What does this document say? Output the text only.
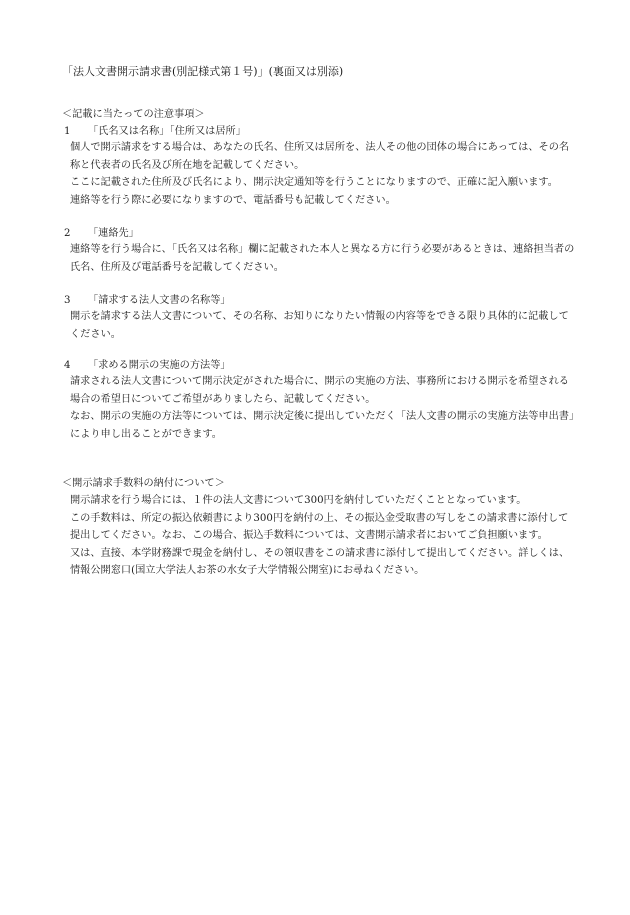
「法人文書開示請求書(別記様式第１号)」(裏面又は別添)
＜記載に当たっての注意事項＞
1 「氏名又は名称」「住所又は居所」

個人で開示請求をする場合は、あなたの氏名、住所又は居所を、法人その他の団体の場合にあっては、その名称と代表者の氏名及び所在地を記載してください。

ここに記載された住所及び氏名により、開示決定通知等を行うことになりますので、正確に記入願います。

連絡等を行う際に必要になりますので、電話番号も記載してください。

2 「連絡先」

連絡等を行う場合に、「氏名又は名称」欄に記載された本人と異なる方に行う必要があるときは、連絡担当者の氏名、住所及び電話番号を記載してください。

3 「請求する法人文書の名称等」

開示を請求する法人文書について、その名称、お知りになりたい情報の内容等をできる限り具体的に記載してください。

4 「求める開示の実施の方法等」

請求される法人文書について開示決定がされた場合に、開示の実施の方法、事務所における開示を希望される場合の希望日についてご希望がありましたら、記載してください。

なお、開示の実施の方法等については、開示決定後に提出していただく「法人文書の開示の実施方法等申出書」により申し出ることができます。

＜開示請求手数料の納付について＞

開示請求を行う場合には、１件の法人文書について300円を納付していただくこととなっています。

この手数料は、所定の振込依頼書により300円を納付の上、その振込金受取書の写しをこの請求書に添付して提出してください。なお、この場合、振込手数料については、文書開示請求者においてご負担願います。

又は、直接、本学財務課で現金を納付し、その領収書をこの請求書に添付して提出してください。詳しくは、情報公開窓口(国立大学法人お茶の水女子大学情報公開室)にお尋ねください。
